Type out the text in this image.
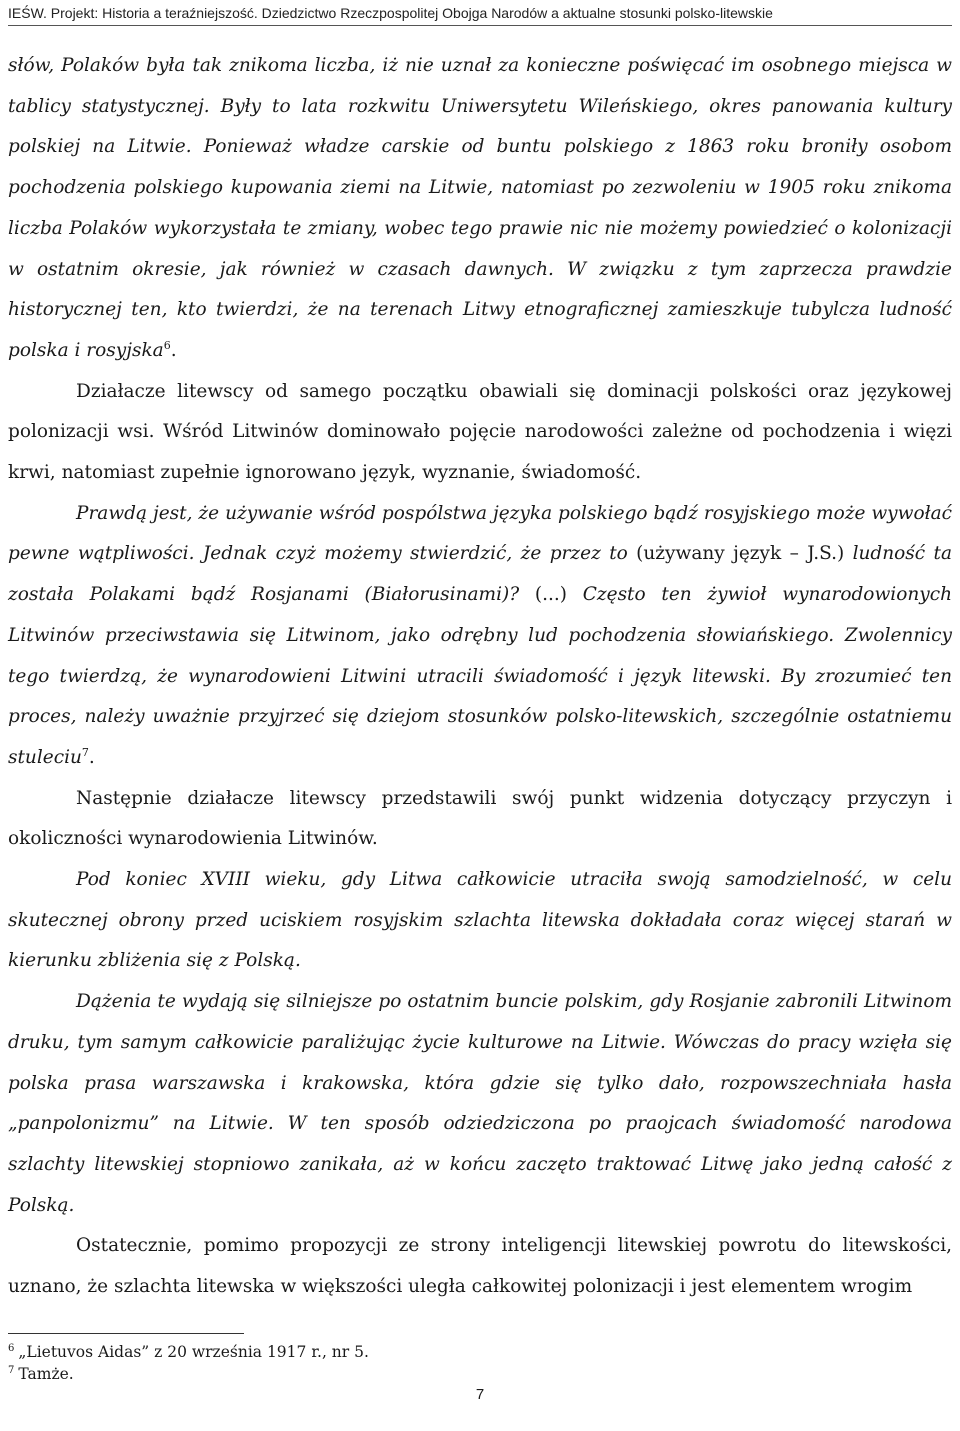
IEŚW. Projekt: Historia a teraźniejszość. Dziedzictwo Rzeczpospolitej Obojga Narodów a aktualne stosunki polsko-litewskie

słów, Polaków była tak znikoma liczba, iż nie uznał za konieczne poświęcać im osobnego miejsca w tablicy statystycznej. Były to lata rozkwitu Uniwersytetu Wileńskiego, okres panowania kultury polskiej na Litwie. Ponieważ władze carskie od buntu polskiego z 1863 roku broniły osobom pochodzenia polskiego kupowania ziemi na Litwie, natomiast po zezwoleniu w 1905 roku znikoma liczba Polaków wykorzystała te zmiany, wobec tego prawie nic nie możemy powiedzieć o kolonizacji w ostatnim okresie, jak również w czasach dawnych. W związku z tym zaprzecza prawdzie historycznej ten, kto twierdzi, że na terenach Litwy etnograficznej zamieszkuje tubylcza ludność polska i rosyjska$^6$.

Działacze litewscy od samego początku obawiali się dominacji polskości oraz językowej polonizacji wsi. Wśród Litwinów dominowało pojęcie narodowości zależne od pochodzenia i więzi krwi, natomiast zupełnie ignorowano język, wyznanie, świadomość.

Prawdą jest, że używanie wśród pospólstwa języka polskiego bądź rosyjskiego może wywołać pewne wątpliwości. Jednak czyż możemy stwierdzić, że przez to (używany język – J.S.) ludność ta została Polakami bądź Rosjanami (Białorusinami)? (...) Często ten żywioł wynarodowionych Litwinów przeciwstawia się Litwinom, jako odrębny lud pochodzenia słowiańskiego. Zwolennicy tego twierdzą, że wynarodowieni Litwini utracili świadomość i język litewski. By zrozumieć ten proces, należy uważnie przyjrzeć się dziejom stosunków polsko-litewskich, szczególnie ostatniemu stuleciu$^7$.

Następnie działacze litewscy przedstawili swój punkt widzenia dotyczący przyczyn i okoliczności wynarodowienia Litwinów.

Pod koniec XVIII wieku, gdy Litwa całkowicie utraciła swoją samodzielność, w celu skutecznej obrony przed uciskiem rosyjskim szlachta litewska dokładała coraz więcej starań w kierunku zbliżenia się z Polską.

Dążenia te wydają się silniejsze po ostatnim buncie polskim, gdy Rosjanie zabronili Litwinom druku, tym samym całkowicie paraliżując życie kulturowe na Litwie. Wówczas do pracy wzięła się polska prasa warszawska i krakowska, która gdzie się tylko dało, rozpowszechniała hasła „panpolonizmu” na Litwie. W ten sposób odziedziczona po praojcach świadomość narodowa szlachty litewskiej stopniowo zanikała, aż w końcu zaczęto traktować Litwę jako jedną całość z Polską.

Ostatecznie, pomimo propozycji ze strony inteligencji litewskiej powrotu do litewskości, uznano, że szlachta litewska w większości uległa całkowitej polonizacji i jest elementem wrogim

$^6$ „Lietuvos Aidas” z 20 września 1917 r., nr 5.
$^7$ Tamże.
7
